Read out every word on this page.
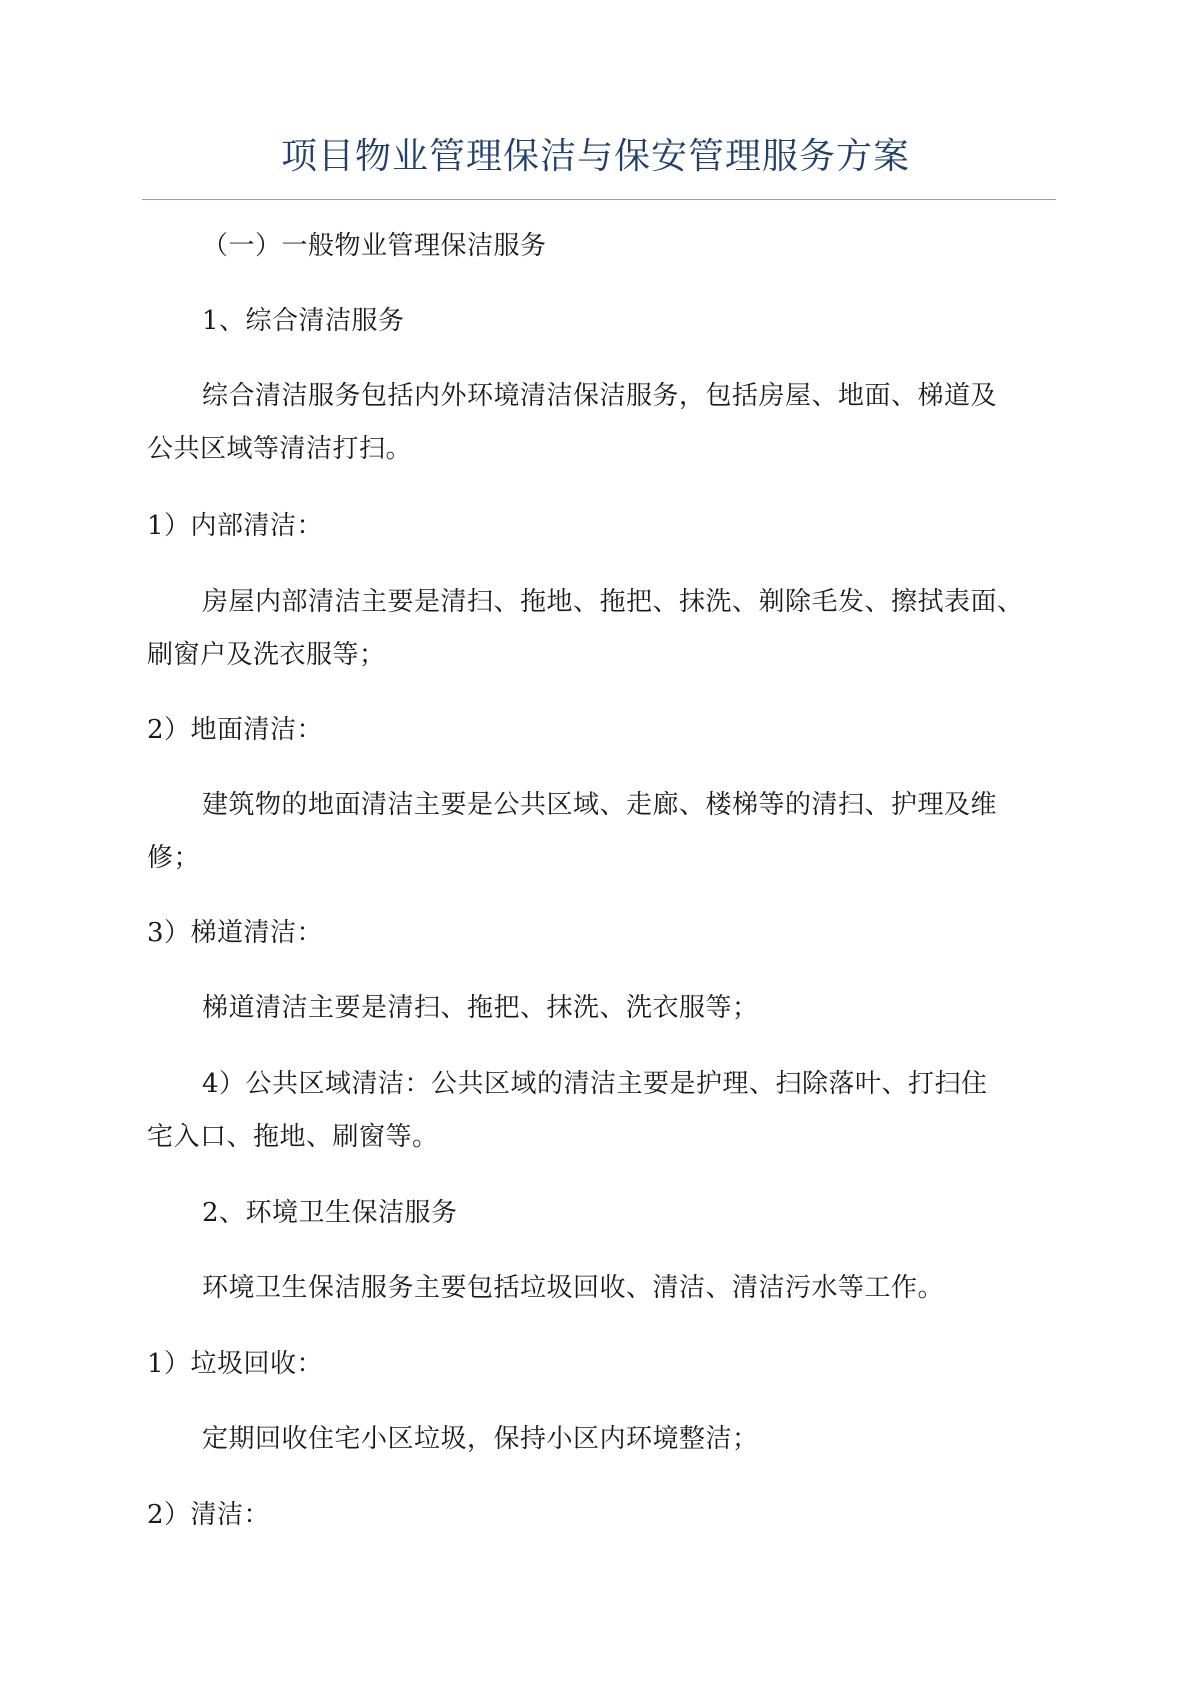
项目物业管理保洁与保安管理服务方案
（一）一般物业管理保洁服务
1、综合清洁服务
综合清洁服务包括内外环境清洁保洁服务，包括房屋、地面、梯道及
公共区域等清洁打扫。
1）内部清洁：
房屋内部清洁主要是清扫、拖地、拖把、抹洗、剃除毛发、擦拭表面、
刷窗户及洗衣服等；
2）地面清洁：
建筑物的地面清洁主要是公共区域、走廊、楼梯等的清扫、护理及维
修；
3）梯道清洁：
梯道清洁主要是清扫、拖把、抹洗、洗衣服等；
4）公共区域清洁：公共区域的清洁主要是护理、扫除落叶、打扫住
宅入口、拖地、刷窗等。
2、环境卫生保洁服务
环境卫生保洁服务主要包括垃圾回收、清洁、清洁污水等工作。
1）垃圾回收：
定期回收住宅小区垃圾，保持小区内环境整洁；
2）清洁：
